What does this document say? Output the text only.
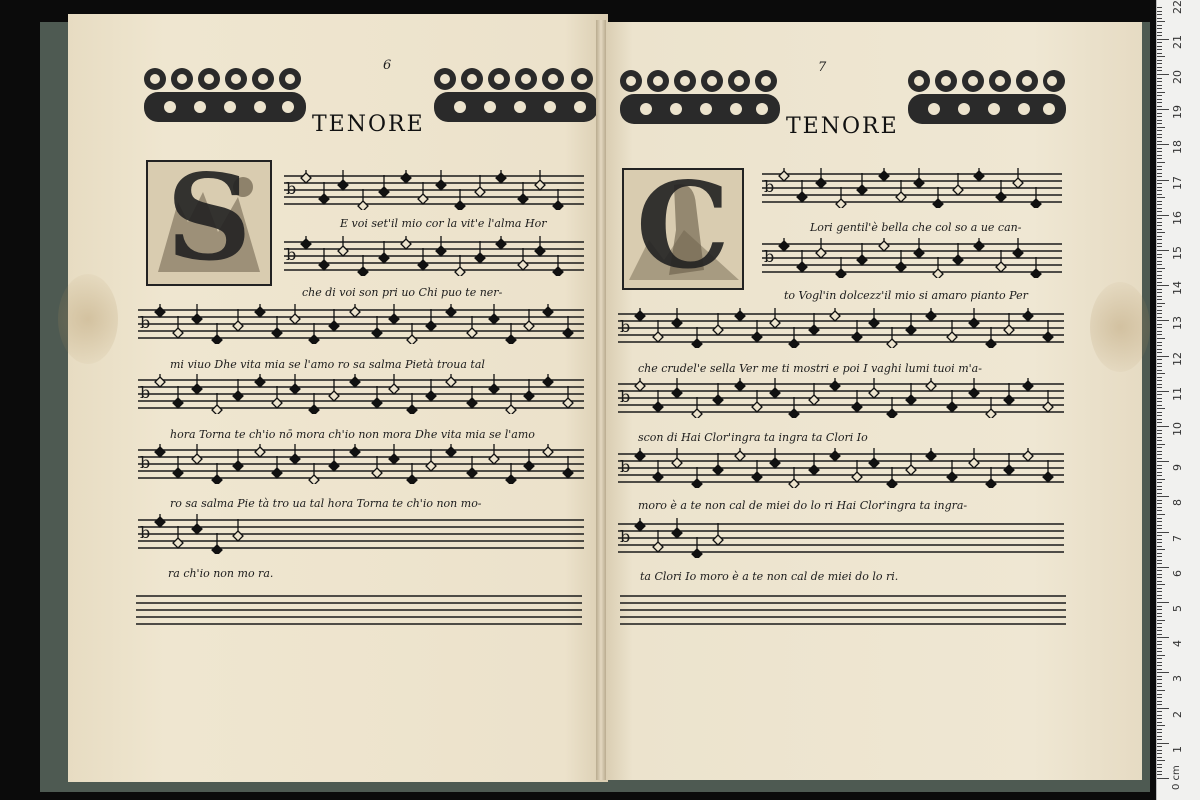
6
TENORE
S
7
TENORE
C
b
b
b
b
b
b
b
b
b
b
b
b
E voi set'il mio cor la vit'e l'alma Hor
che di voi son pri uo Chi puo te ner-
mi viuo Dhe vita mia se l'amo ro sa salma Pietà troua tal
hora Torna te ch'io nō mora ch'io non mora Dhe vita mia se l'amo
ro sa salma Pie tà tro ua tal hora Torna te ch'io non mo-
ra ch'io non mo ra.
Lori gentil'è bella che col so a ue can-
to Vogl'in dolcezz'il mio si amaro pianto Per
che crudel'e sella Ver me ti mostri e poi I vaghi lumi tuoi m'a-
scon di Hai Clor'ingra ta ingra ta Clori Io
moro è a te non cal de miei do lo ri Hai Clor'ingra ta ingra-
ta Clori Io moro è a te non cal de miei do lo ri.
0 cm
1
2
3
4
5
6
7
8
9
10
11
12
13
14
15
16
17
18
19
20
21
22
